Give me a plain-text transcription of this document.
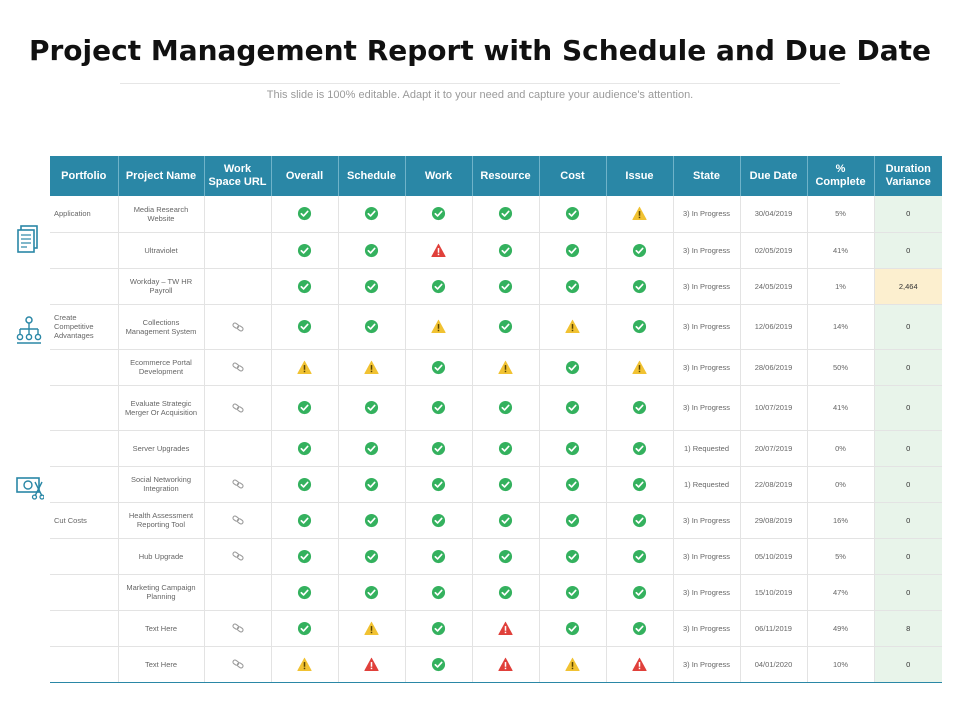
Project Management Report with Schedule and Due Date
This slide is 100% editable. Adapt it to your need and capture your audience's attention.
Portfolio	Project Name	Work Space URL	Overall	Schedule	Work	Resource	Cost	Issue	State	Due Date	% Complete	Duration Variance
Application	Media Research Website								3) In Progress	30/04/2019	5%	0
	Ultraviolet								3) In Progress	02/05/2019	41%	0
	Workday – TW HR Payroll								3) In Progress	24/05/2019	1%	2,464
Create Competitive Advantages	Collections Management System								3) In Progress	12/06/2019	14%	0
	Ecommerce Portal Development								3) In Progress	28/06/2019	50%	0
	Evaluate Strategic Merger Or Acquisition								3) In Progress	10/07/2019	41%	0
	Server Upgrades								1) Requested	20/07/2019	0%	0
	Social Networking Integration								1) Requested	22/08/2019	0%	0
Cut Costs	Health Assessment Reporting Tool								3) In Progress	29/08/2019	16%	0
	Hub Upgrade								3) In Progress	05/10/2019	5%	0
	Marketing Campaign Planning								3) In Progress	15/10/2019	47%	0
	Text Here								3) In Progress	06/11/2019	49%	8
	Text Here								3) In Progress	04/01/2020	10%	0
